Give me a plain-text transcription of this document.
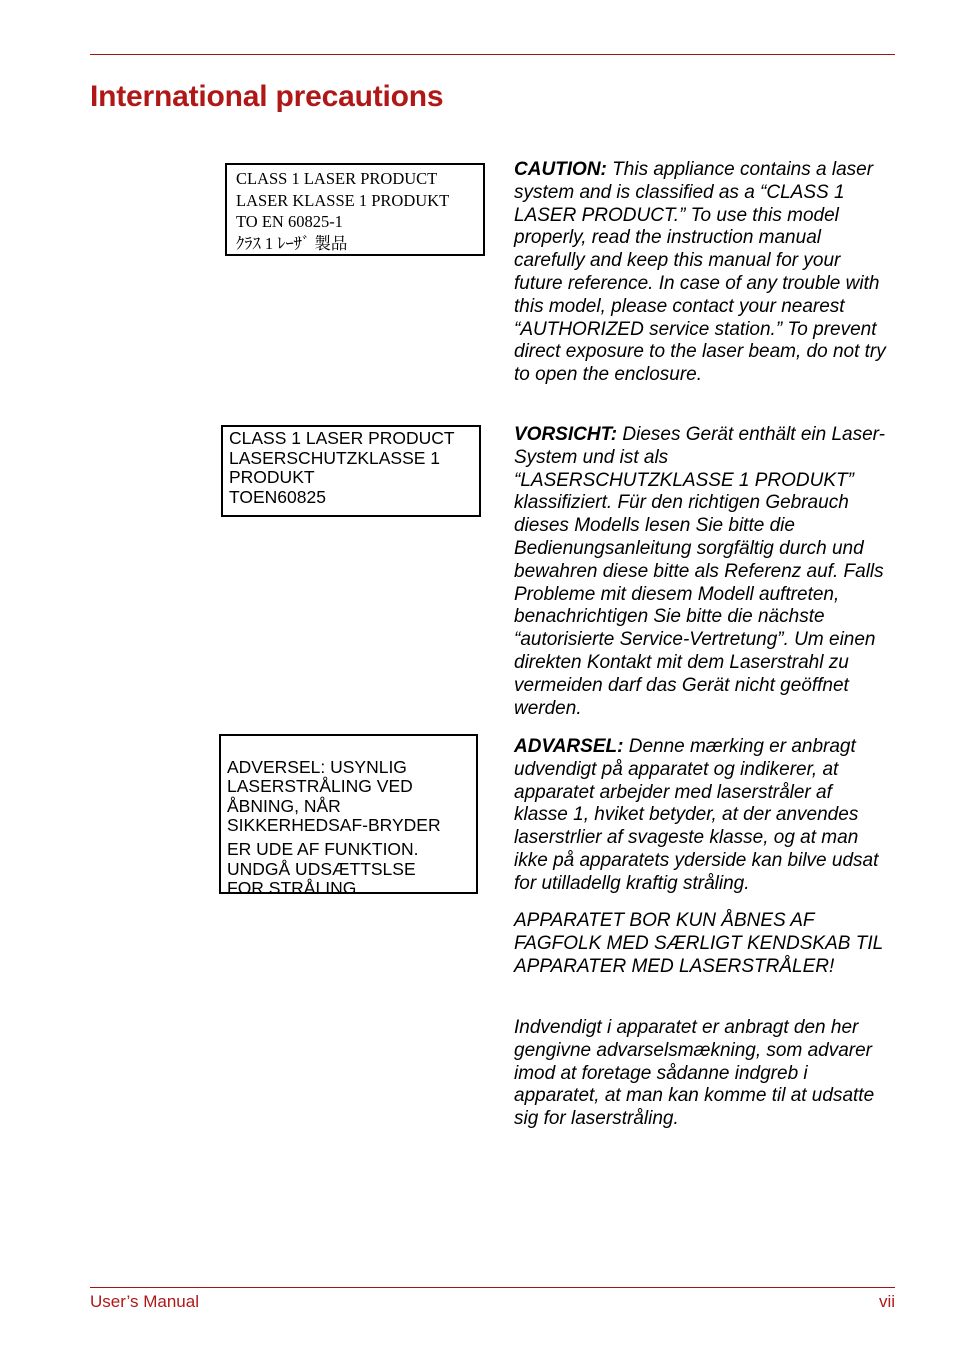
International precautions
CLASS 1 LASER PRODUCT
LASER KLASSE 1 PRODUKT
TO EN 60825-1
ｸﾗｽ 1 ﾚｰｻﾞ 製品

CAUTION: This appliance contains a laser system and is classified as a “CLASS 1 LASER PRODUCT.” To use this model properly, read the instruction manual carefully and keep this manual for your future reference. In case of any trouble with this model, please contact your nearest “AUTHORIZED service station.” To prevent direct exposure to the laser beam, do not try to open the enclosure.

CLASS 1 LASER PRODUCT
LASERSCHUTZKLASSE 1
PRODUKT
TOEN60825

VORSICHT: Dieses Gerät enthält ein Laser-System und ist als “LASERSCHUTZKLASSE 1 PRODUKT” klassifiziert. Für den richtigen Gebrauch dieses Modells lesen Sie bitte die Bedienungsanleitung sorgfältig durch und bewahren diese bitte als Referenz auf. Falls Probleme mit diesem Modell auftreten, benachrichtigen Sie bitte die nächste “autorisierte Service-Vertretung”. Um einen direkten Kontakt mit dem Laserstrahl zu vermeiden darf das Gerät nicht geöffnet werden.

ADVERSEL: USYNLIG
LASERSTRÅLING VED
ÅBNING, NÅR
SIKKERHEDSAF-BRYDER

ER UDE AF FUNKTION.
UNDGÅ UDSÆTTSLSE
FOR STRÅLING

ADVARSEL: Denne mærking er anbragt udvendigt på apparatet og indikerer, at apparatet arbejder med laserstråler af klasse 1, hviket betyder, at der anvendes laserstrlier af svageste klasse, og at man ikke på apparatets yderside kan bilve udsat for utilladellg kraftig stråling.

APPARATET BOR KUN ÅBNES AF FAGFOLK MED SÆRLIGT KENDSKAB TIL APPARATER MED LASERSTRÅLER!

Indvendigt i apparatet er anbragt den her gengivne advarselsmækning, som advarer imod at foretage sådanne indgreb i apparatet, at man kan komme til at udsatte sig for laserstråling.

User’s Manual	vii
